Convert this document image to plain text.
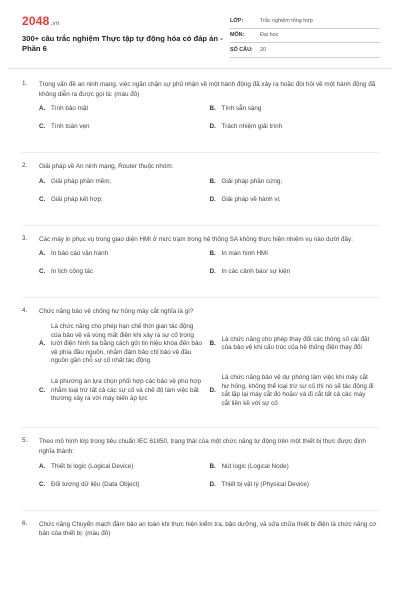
2048.vn
300+ câu trắc nghiệm Thực tập tự động hóa có đáp án - Phần 6
LỚP:	Trắc nghiệm tổng hợp
MÔN:	Đại học
SỐ CÂU:	20
1. Trong vấn đề an ninh mạng, việc ngăn chặn sự phủ nhận về một hành động đã xảy ra hoặc đòi hỏi về một hành động đã không diễn ra được gọi là: (màu đỏ)
A. Tính bảo mật	B. Tính sẵn sàng
C. Tính toàn vẹn	D. Trách nhiệm giải trình
2. Giải pháp về An ninh mạng, Router thuộc nhóm:
A. Giải pháp phần mềm;	B. Giải pháp phần cứng;
C. Giải pháp kết hợp;	D. Giải pháp về hành vi;
3. Các máy in phục vụ trong giao diện HMI ở mức trạm trong hệ thống SA không thực hiện nhiệm vụ nào dưới đây:
A. In báo cáo vận hành	B. In màn hình HMI
C. In lịch công tác	D. In các cảnh báo/ sự kiện
4. Chức năng bảo vệ chống hư hỏng máy cắt nghĩa là gì?
A.
Là chức năng cho phép hạn chế thời gian tác động của bảo vệ và vùng mất điện khi xảy ra sự cố trong lưới điện hình tia bằng cách gửi tin hiệu khóa đến bảo vệ phía đầu nguồn, nhằm đảm bảo chỉ bảo vệ đầu nguồn gần chỗ sự cố nhất tác động
B.
Là chức năng cho phép thay đổi các thông số cài đặt của bảo vệ khi cấu trúc của hệ thống điện thay đổi
C.
Là phương án lựa chọn phối hợp các bảo vệ phù hợp nhằm loại trừ tất cả các sự cố và chế độ làm việc bất thường xảy ra với máy biến áp lực
D.
Là chức năng bảo vệ dự phòng làm việc khi máy cắt hư hỏng, không thể loại trừ sự cố thì nó sẽ tác động đi cắt lặp lại máy cắt đó hoặc/ và đi cắt tất cả các máy cắt liền kề với sự cố
5. Theo mô hình lớp trong tiêu chuẩn IEC 61850, trạng thái của một chức năng tự động trên một thiết bị thực được định nghĩa thành:
A. Thiết bị logic (Logical Device)	B. Nút logic (Logical Node)
C. Đối tượng dữ liệu (Data Object)	D. Thiết bị vật lý (Physical Device)
6. Chức năng Chuyển mạch đảm bảo an toàn khi thực hiện kiểm tra, bảo dưỡng, và sửa chữa thiết bị điện là chức năng cơ bản của thiết bị: (màu đỏ)
